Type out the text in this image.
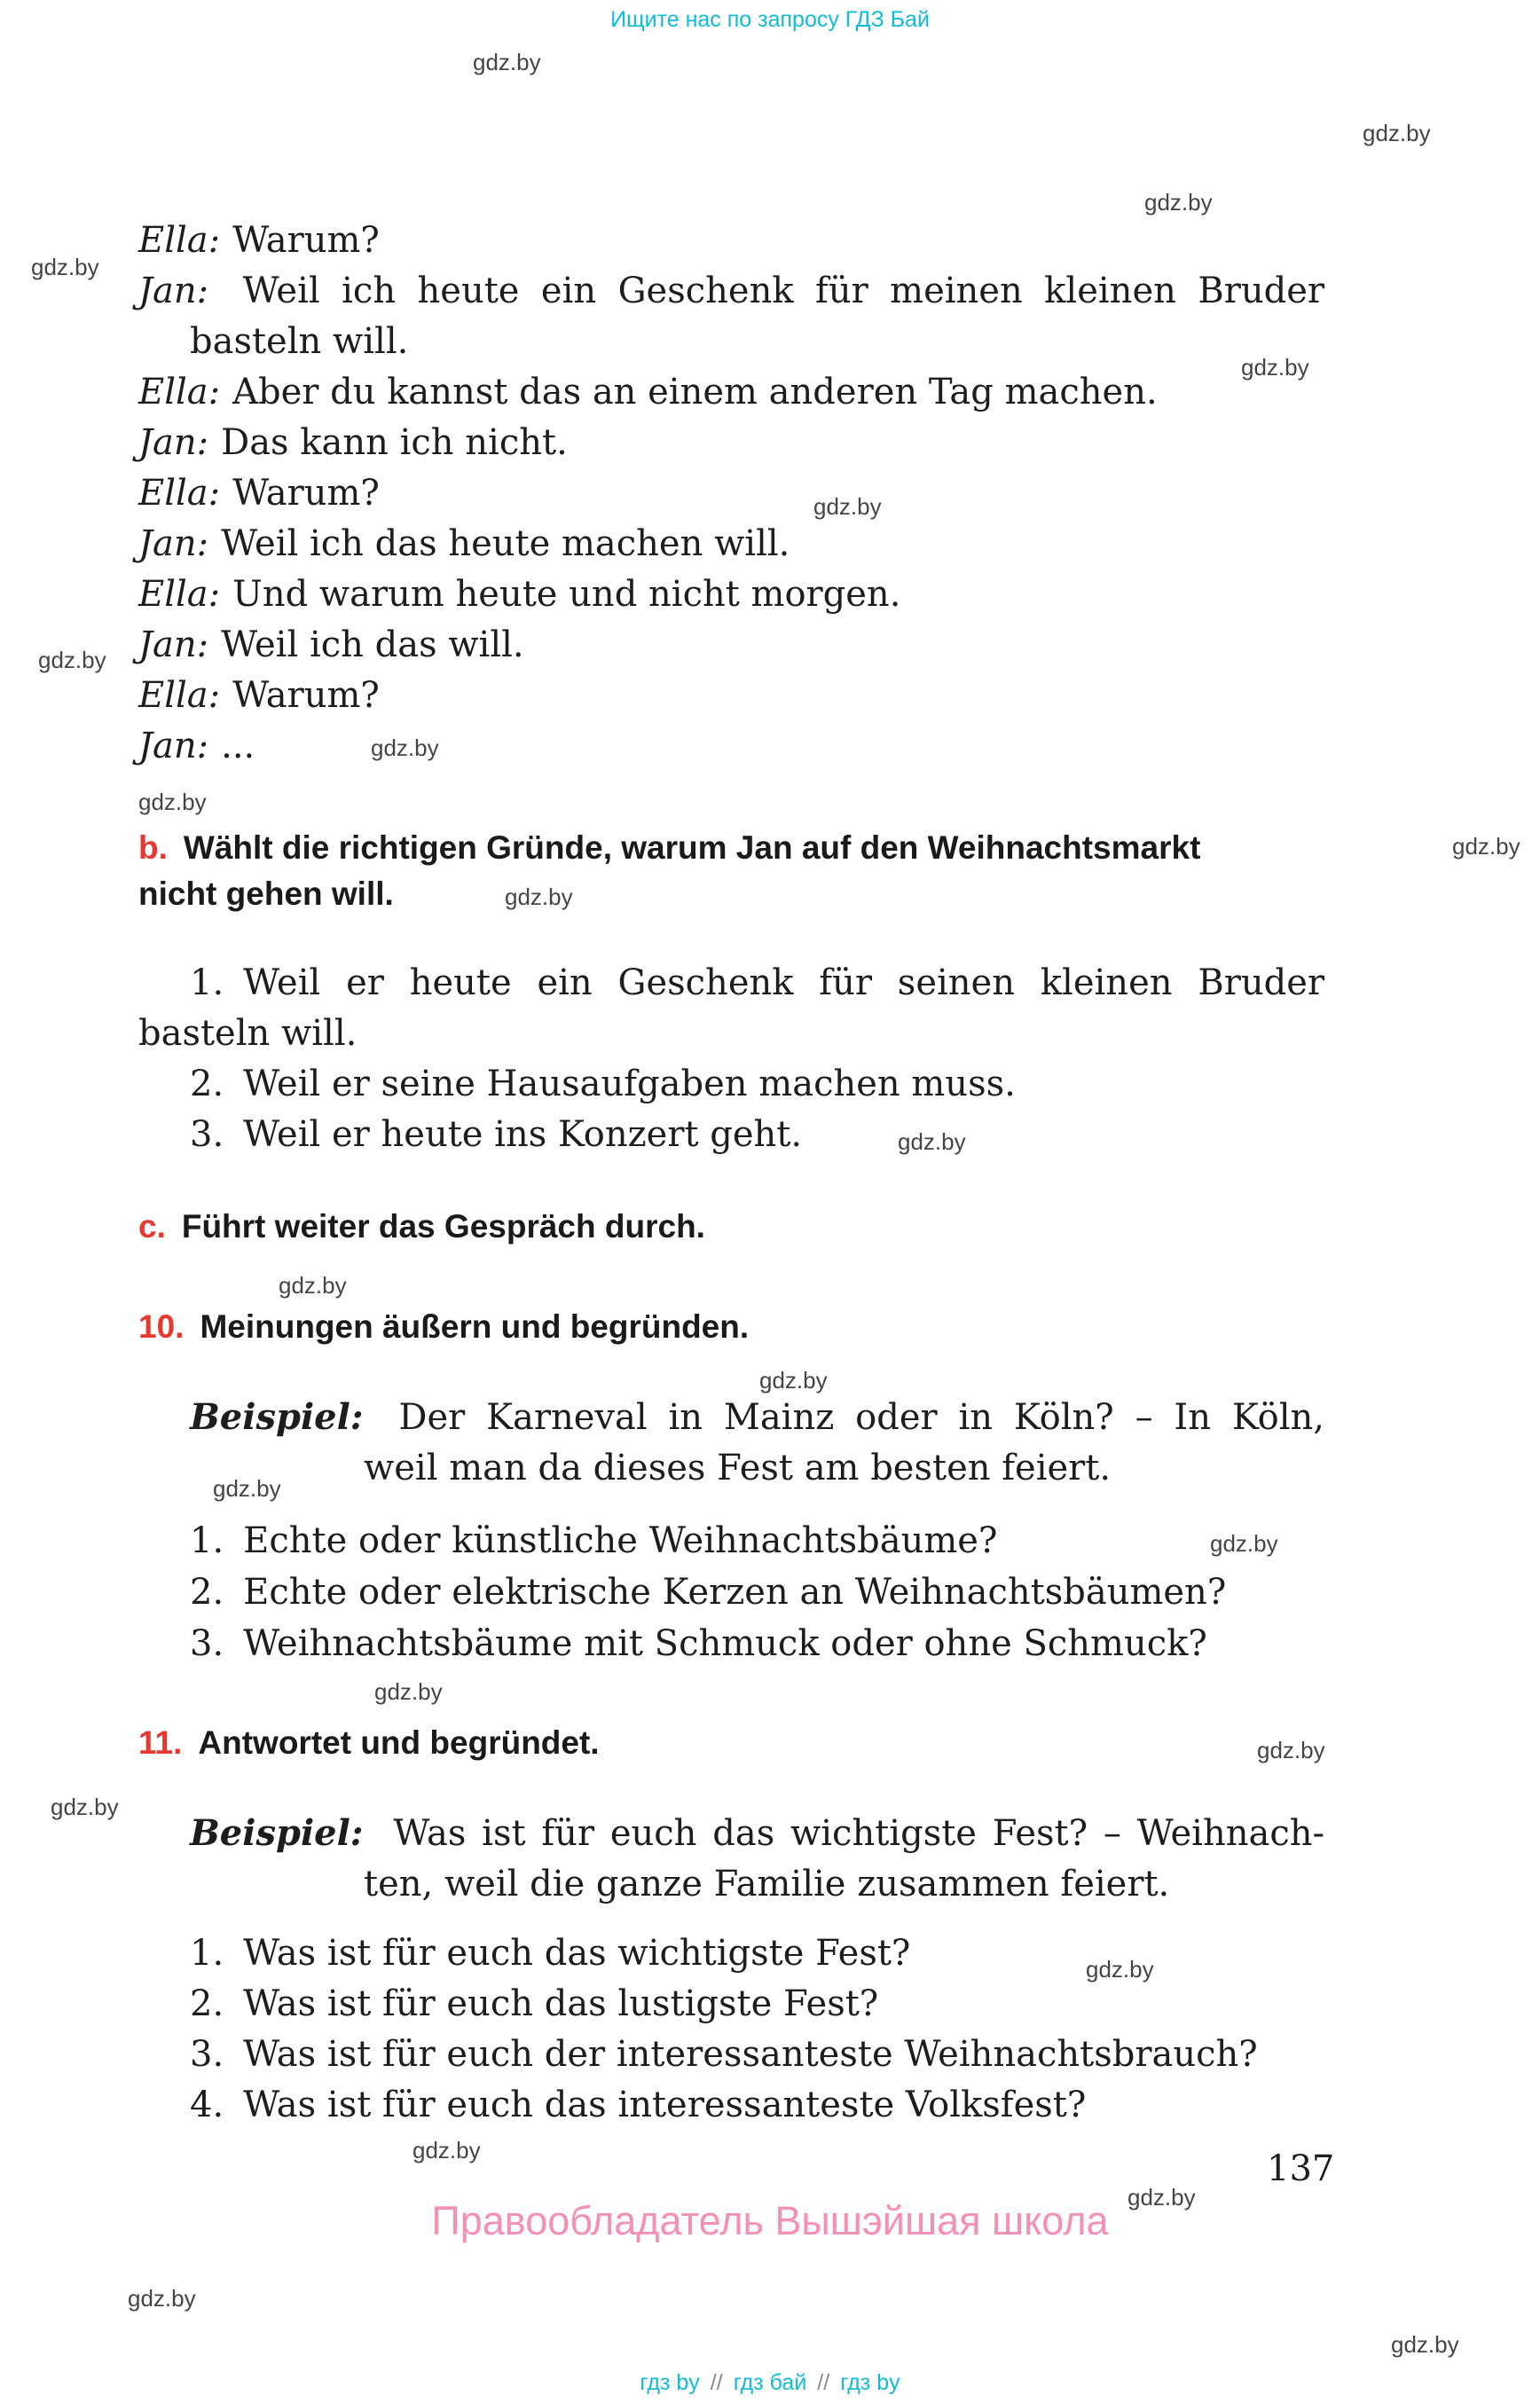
Ищите нас по запросу ГДЗ Бай
gdz.by
gdz.by
gdz.by
gdz.by
gdz.by
gdz.by
gdz.by
gdz.by
gdz.by
gdz.by
gdz.by
gdz.by
gdz.by
gdz.by
gdz.by
gdz.by
gdz.by
gdz.by
gdz.by
gdz.by
gdz.by
gdz.by
gdz.by
gdz.by
Ella: Warum?
Jan: Weil ich heute ein Geschenk für meinen kleinen Bruder
basteln will.
Ella: Aber du kannst das an einem anderen Tag machen.
Jan: Das kann ich nicht.
Ella: Warum?
Jan: Weil ich das heute machen will.
Ella: Und warum heute und nicht morgen.
Jan: Weil ich das will.
Ella: Warum?
Jan: ...
b. Wählt die richtigen Gründe, warum Jan auf den Weihnachtsmarkt
nicht gehen will.
1. Weil er heute ein Geschenk für seinen kleinen Bruder
basteln will.
2. Weil er seine Hausaufgaben machen muss.
3. Weil er heute ins Konzert geht.
c. Führt weiter das Gespräch durch.
10. Meinungen äußern und begründen.
Beispiel: Der Karneval in Mainz oder in Köln? – In Köln,
weil man da dieses Fest am besten feiert.
1. Echte oder künstliche Weihnachtsbäume?
2. Echte oder elektrische Kerzen an Weihnachtsbäumen?
3. Weihnachtsbäume mit Schmuck oder ohne Schmuck?
11. Antwortet und begründet.
Beispiel: Was ist für euch das wichtigste Fest? – Weihnach-
ten, weil die ganze Familie zusammen feiert.
1. Was ist für euch das wichtigste Fest?
2. Was ist für euch das lustigste Fest?
3. Was ist für euch der interessanteste Weihnachtsbrauch?
4. Was ist für euch das interessanteste Volksfest?
137
Правообладатель Вышэйшая школа
гдз by // гдз бай // гдз by
